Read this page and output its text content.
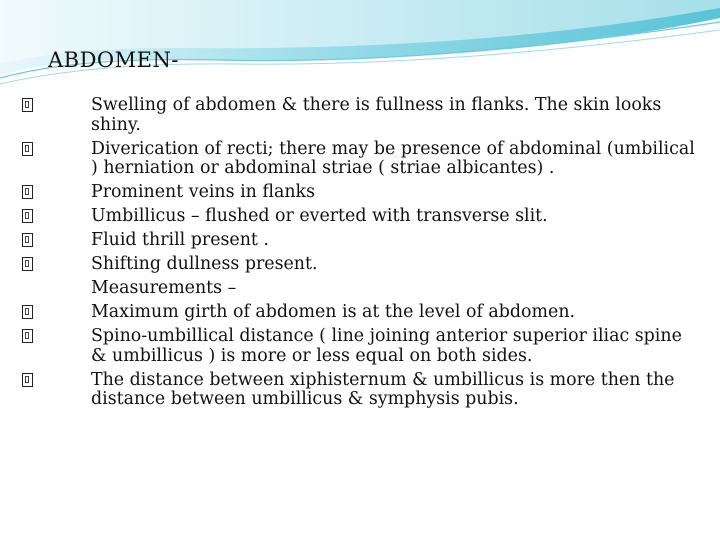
ABDOMEN-
Swelling of abdomen & there is fullness in flanks. The skin looks shiny.
Diverication of recti; there may be presence of abdominal (umbilical ) herniation or abdominal striae ( striae albicantes) .
Prominent veins in flanks
Umbillicus – flushed or everted with transverse slit.
Fluid thrill present .
Shifting dullness present.
Measurements –
Maximum girth of abdomen is at the level of abdomen.
Spino-umbillical distance ( line joining anterior superior iliac spine & umbillicus ) is more or less equal on both sides.
The distance between xiphisternum & umbillicus is more then the distance between umbillicus & symphysis pubis.
